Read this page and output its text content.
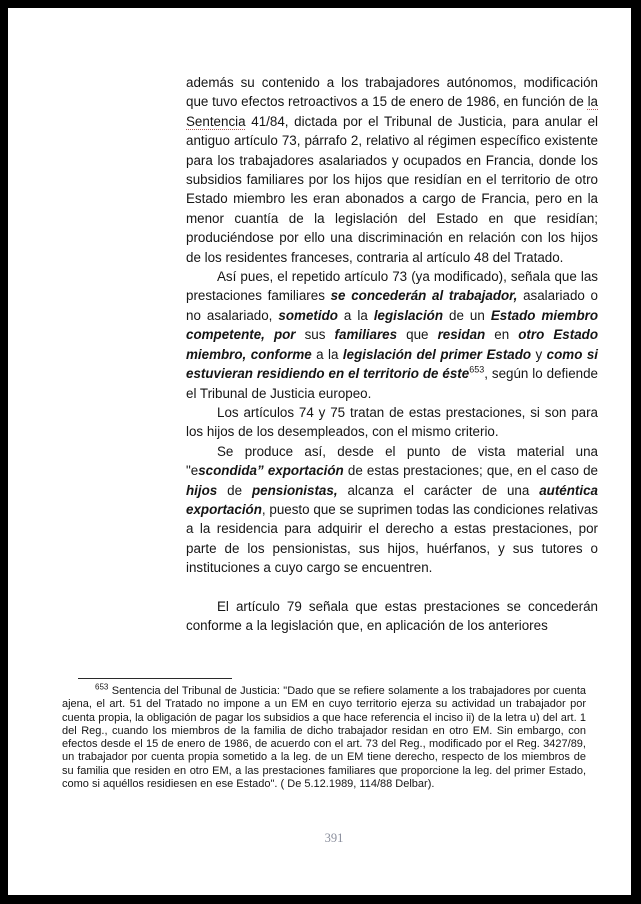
además su contenido a los trabajadores autónomos, modificación que tuvo efectos retroactivos a 15 de enero de 1986, en función de la Sentencia 41/84, dictada por el Tribunal de Justicia, para anular el antiguo artículo 73, párrafo 2, relativo al régimen específico existente para los trabajadores asalariados y ocupados en Francia, donde los subsidios familiares por los hijos que residían en el territorio de otro Estado miembro les eran abonados a cargo de Francia, pero en la menor cuantía de la legislación del Estado en que residían; produciéndose por ello una discriminación en relación con los hijos de los residentes franceses, contraria al artículo 48 del Tratado.

Así pues, el repetido artículo 73 (ya modificado), señala que las prestaciones familiares se concederán al trabajador, asalariado o no asalariado, sometido a la legislación de un Estado miembro competente, por sus familiares que residan en otro Estado miembro, conforme a la legislación del primer Estado y como si estuvieran residiendo en el territorio de éste$^{653}$, según lo defiende el Tribunal de Justicia europeo.

Los artículos 74 y 75 tratan de estas prestaciones, si son para los hijos de los desempleados, con el mismo criterio.

Se produce así, desde el punto de vista material una "escondida” exportación de estas prestaciones; que, en el caso de hijos de pensionistas, alcanza el carácter de una auténtica exportación, puesto que se suprimen todas las condiciones relativas a la residencia para adquirir el derecho a estas prestaciones, por parte de los pensionistas, sus hijos, huérfanos, y sus tutores o instituciones a cuyo cargo se encuentren.

El artículo 79 señala que estas prestaciones se concederán conforme a la legislación que, en aplicación de los anteriores

$^{653}$ Sentencia del Tribunal de Justicia: "Dado que se refiere solamente a los trabajadores por cuenta ajena, el art. 51 del Tratado no impone a un EM en cuyo territorio ejerza su actividad un trabajador por cuenta propia, la obligación de pagar los subsidios a que hace referencia el inciso ii) de la letra u) del art. 1 del Reg., cuando los miembros de la familia de dicho trabajador residan en otro EM. Sin embargo, con efectos desde el 15 de enero de 1986, de acuerdo con el art. 73 del Reg., modificado por el Reg. 3427/89, un trabajador por cuenta propia sometido a la leg. de un EM tiene derecho, respecto de los miembros de su familia que residen en otro EM, a las prestaciones familiares que proporcione la leg. del primer Estado, como si aquéllos residiesen en ese Estado". ( De 5.12.1989, 114/88 Delbar).
391
